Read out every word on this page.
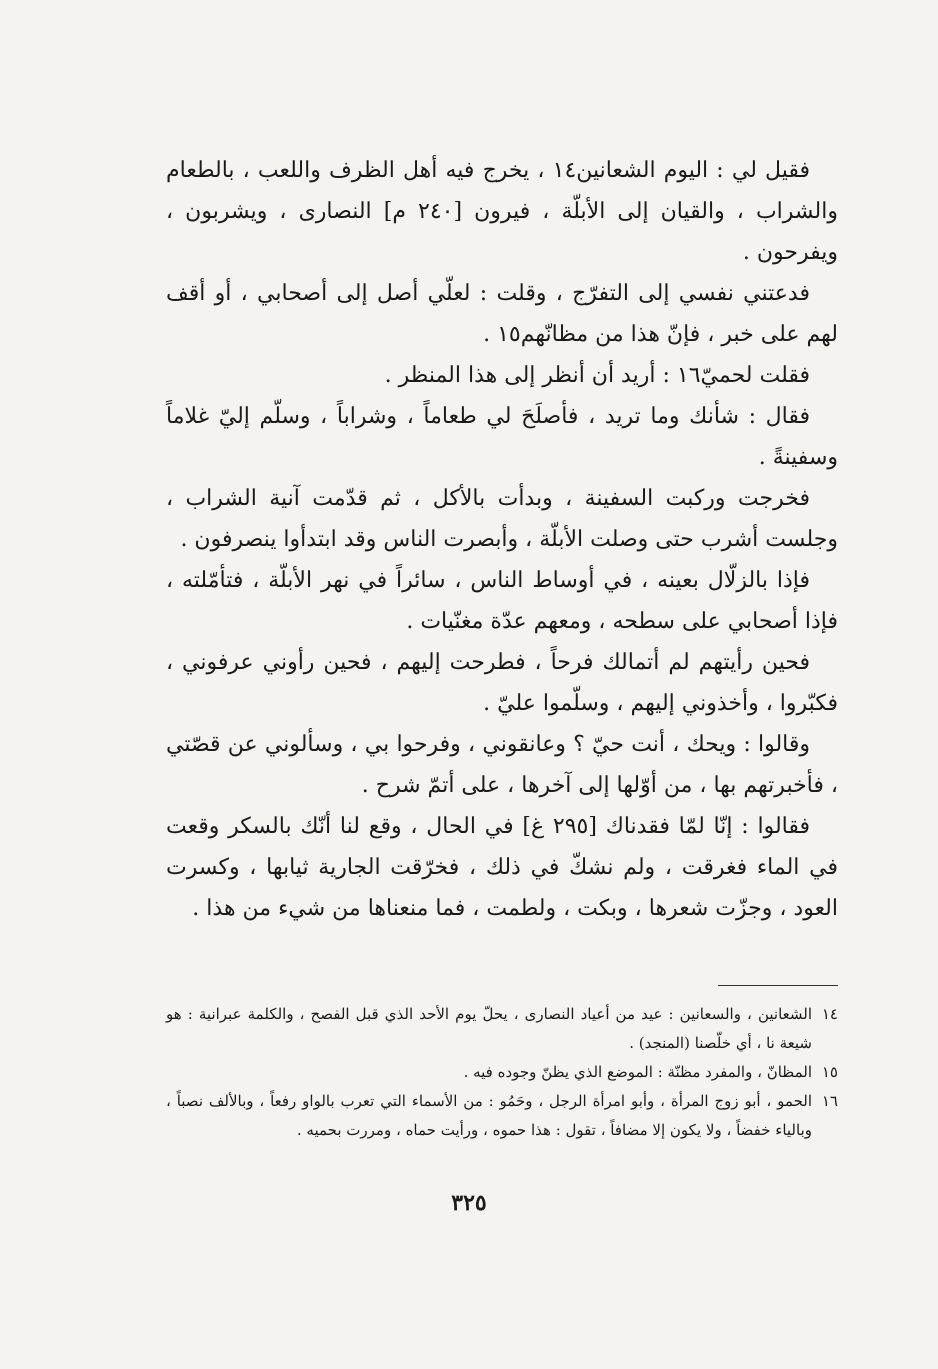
فقيل لي : اليوم الشعانين١٤ ، يخرج فيه أهل الظرف واللعب ، بالطعام والشراب ، والقيان إلى الأبلّة ، فيرون [٢٤٠ م] النصارى ، ويشربون ، ويفرحون .

فدعتني نفسي إلى التفرّج ، وقلت : لعلّي أصل إلى أصحابي ، أو أقف لهم على خبر ، فإنّ هذا من مظانّهم١٥ .

فقلت لحميّ١٦ : أريد أن أنظر إلى هذا المنظر .

فقال : شأنك وما تريد ، فأصلَحَ لي طعاماً ، وشراباً ، وسلّم إليّ غلاماً وسفينةً .

فخرجت وركبت السفينة ، وبدأت بالأكل ، ثم قدّمت آنية الشراب ، وجلست أشرب حتى وصلت الأبلّة ، وأبصرت الناس وقد ابتدأوا ينصرفون .

فإذا بالزلّال بعينه ، في أوساط الناس ، سائراً في نهر الأبلّة ، فتأمّلته ، فإذا أصحابي على سطحه ، ومعهم عدّة مغنّيات .

فحين رأيتهم لم أتمالك فرحاً ، فطرحت إليهم ، فحين رأوني عرفوني ، فكبّروا ، وأخذوني إليهم ، وسلّموا عليّ .

وقالوا : ويحك ، أنت حيّ ؟ وعانقوني ، وفرحوا بي ، وسألوني عن قصّتي ، فأخبرتهم بها ، من أوّلها إلى آخرها ، على أتمّ شرح .

فقالوا : إنّا لمّا فقدناك [٢٩٥ غ] في الحال ، وقع لنا أنّك بالسكر وقعت في الماء فغرقت ، ولم نشكّ في ذلك ، فخرّقت الجارية ثيابها ، وكسرت العود ، وجزّت شعرها ، وبكت ، ولطمت ، فما منعناها من شيء من هذا .

١٤
الشعانين ، والسعانين : عيد من أعياد النصارى ، يحلّ يوم الأحد الذي قبل الفصح ، والكلمة عبرانية : هو شيعة نا ، أي خلّصنا (المنجد) .
١٥
المظانّ ، والمفرد مظنّة : الموضع الذي يظنّ وجوده فيه .
١٦
الحمو ، أبو زوج المرأة ، وأبو امرأة الرجل ، وحَمُو : من الأسماء التي تعرب بالواو رفعاً ، وبالألف نصباً ، وبالياء خفضاً ، ولا يكون إلا مضافاً ، تقول : هذا حموه ، ورأيت حماه ، ومررت بحميه .
٣٢٥
